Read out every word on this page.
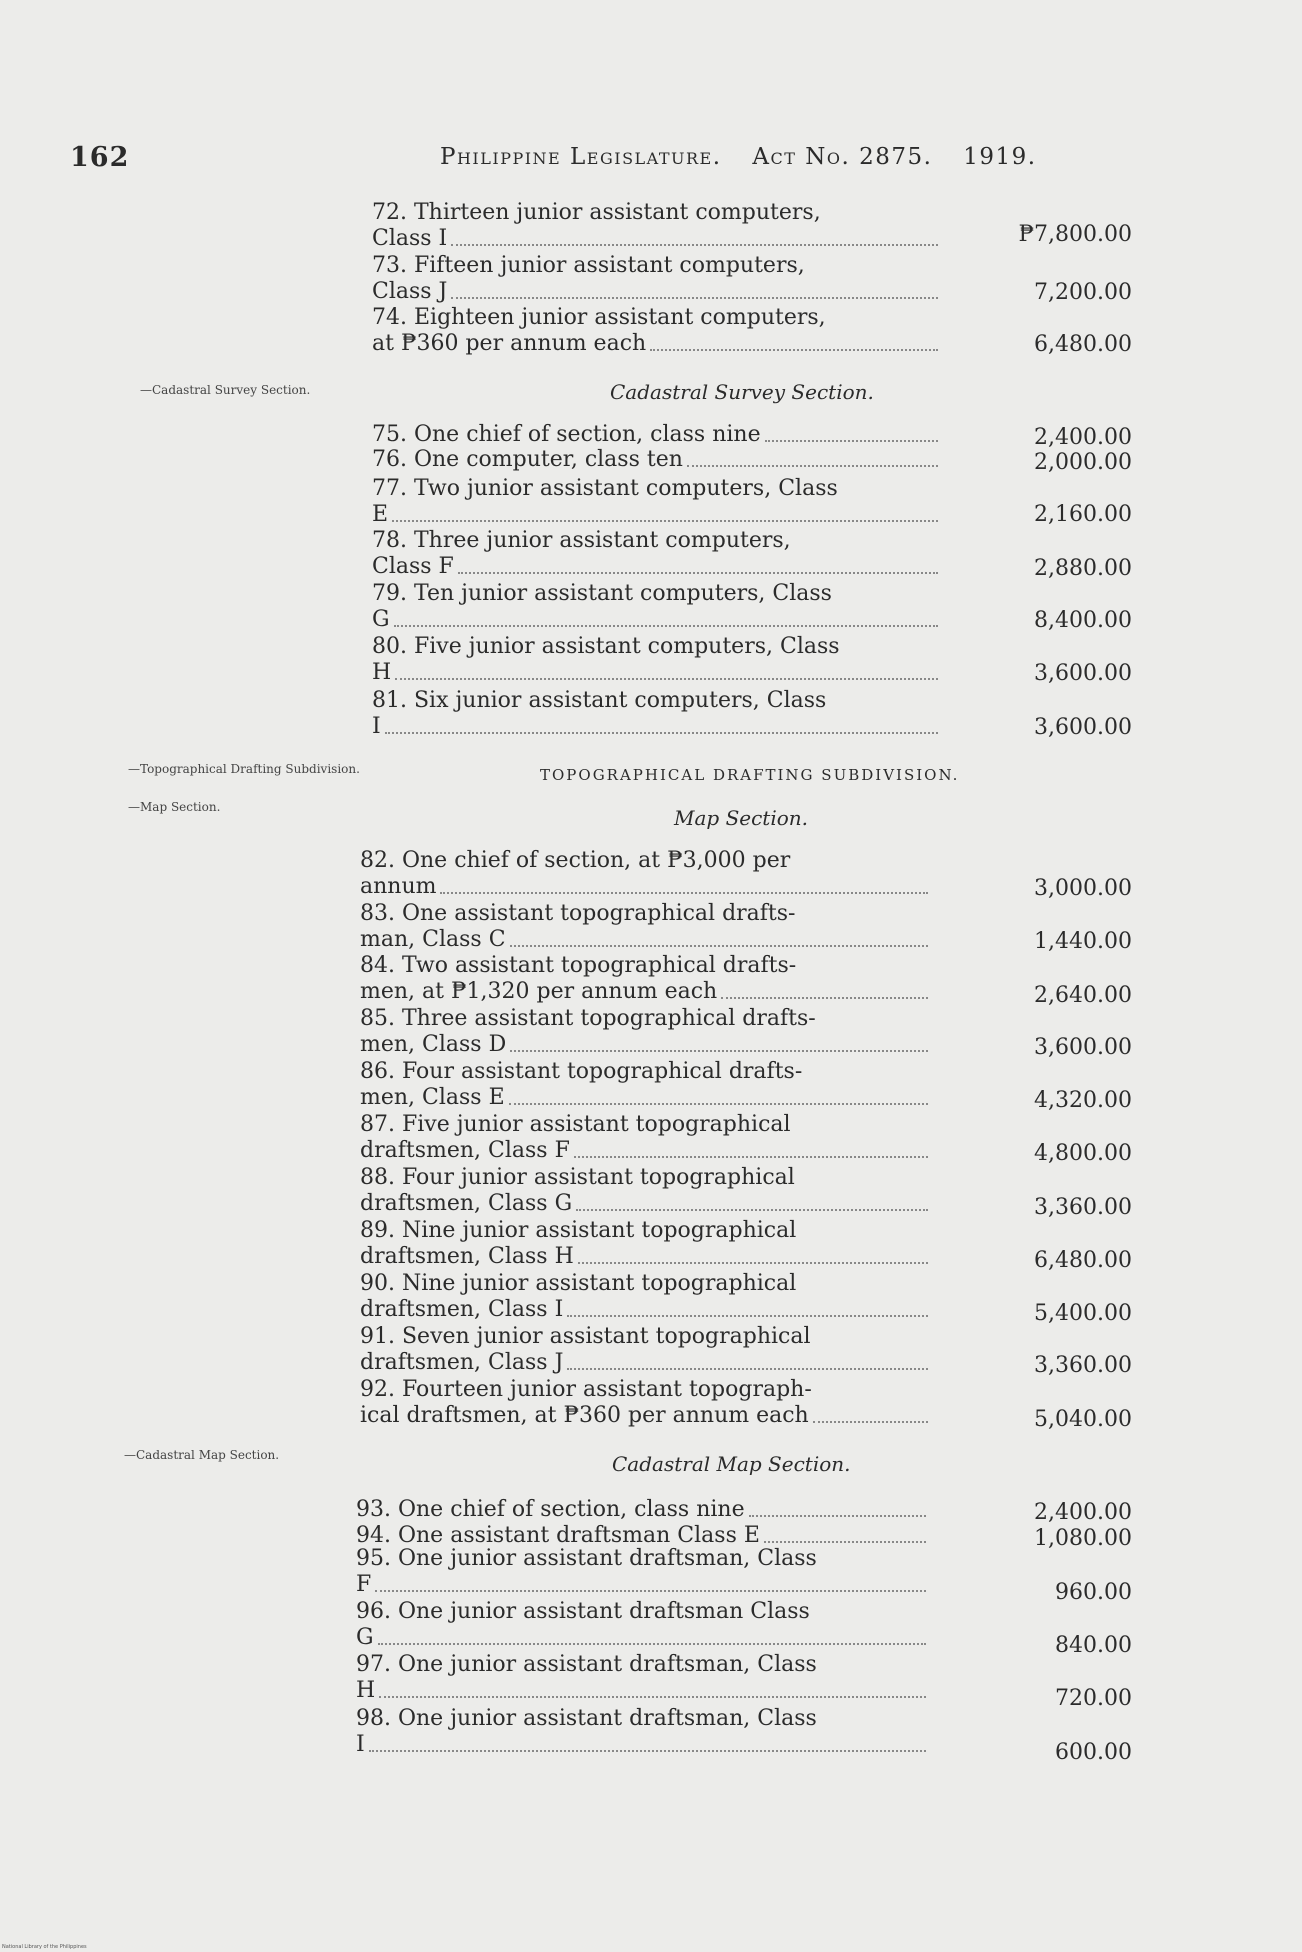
162	Philippine Legislature. Act No. 2875. 1919.
—Cadastral Survey Section.
—Topographical Drafting Subdivision.
—Map Section.
—Cadastral Map Section.
Cadastral Survey Section.
TOPOGRAPHICAL DRAFTING SUBDIVISION.
Map Section.
Cadastral Map Section.
72. Thirteen junior assistant computers,
Class I	₱7,800.00
73. Fifteen junior assistant computers,
Class J	7,200.00
74. Eighteen junior assistant computers,
at ₱360 per annum each	6,480.00
75. One chief of section, class nine	2,400.00
76. One computer, class ten	2,000.00
77. Two junior assistant computers, Class
E	2,160.00
78. Three junior assistant computers,
Class F	2,880.00
79. Ten junior assistant computers, Class
G	8,400.00
80. Five junior assistant computers, Class
H	3,600.00
81. Six junior assistant computers, Class
I	3,600.00
82. One chief of section, at ₱3,000 per
annum	3,000.00
83. One assistant topographical drafts-
man, Class C	1,440.00
84. Two assistant topographical drafts-
men, at ₱1,320 per annum each	2,640.00
85. Three assistant topographical drafts-
men, Class D	3,600.00
86. Four assistant topographical drafts-
men, Class E	4,320.00
87. Five junior assistant topographical
draftsmen, Class F	4,800.00
88. Four junior assistant topographical
draftsmen, Class G	3,360.00
89. Nine junior assistant topographical
draftsmen, Class H	6,480.00
90. Nine junior assistant topographical
draftsmen, Class I	5,400.00
91. Seven junior assistant topographical
draftsmen, Class J	3,360.00
92. Fourteen junior assistant topograph-
ical draftsmen, at ₱360 per annum each	5,040.00
93. One chief of section, class nine	2,400.00
94. One assistant draftsman Class E	1,080.00
95. One junior assistant draftsman, Class
F	960.00
96. One junior assistant draftsman Class
G	840.00
97. One junior assistant draftsman, Class
H	720.00
98. One junior assistant draftsman, Class
I	600.00
National Library of the Philippines
